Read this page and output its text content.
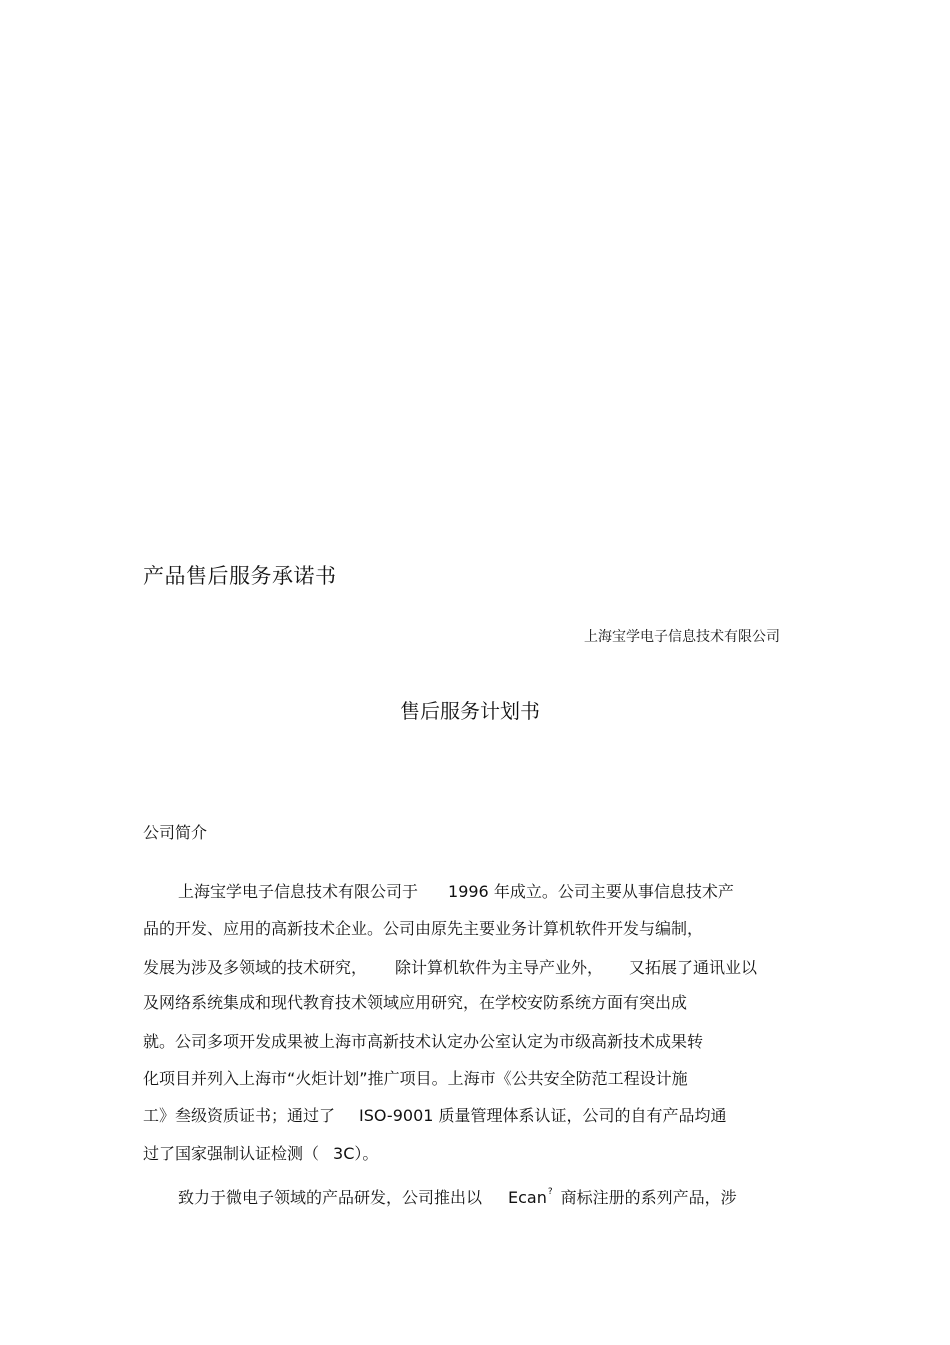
产品售后服务承诺书
上海宝学电子信息技术有限公司
售后服务计划书
公司简介
上海宝学电子信息技术有限公司于 1996 年成立。公司主要从事信息技术产
品的开发、应用的高新技术企业。公司由原先主要业务计算机软件开发与编制，
发展为涉及多领域的技术研究， 除计算机软件为主导产业外， 又拓展了通讯业以
及网络系统集成和现代教育技术领域应用研究，在学校安防系统方面有突出成
就。公司多项开发成果被上海市高新技术认定办公室认定为市级高新技术成果转
化项目并列入上海市“火炬计划”推广项目。上海市《公共安全防范工程设计施
工》叁级资质证书；通过了 ISO-9001 质量管理体系认证，公司的自有产品均通
过了国家强制认证检测（ 3C）。
致力于微电子领域的产品研发，公司推出以 Ecan? 商标注册的系列产品，涉
